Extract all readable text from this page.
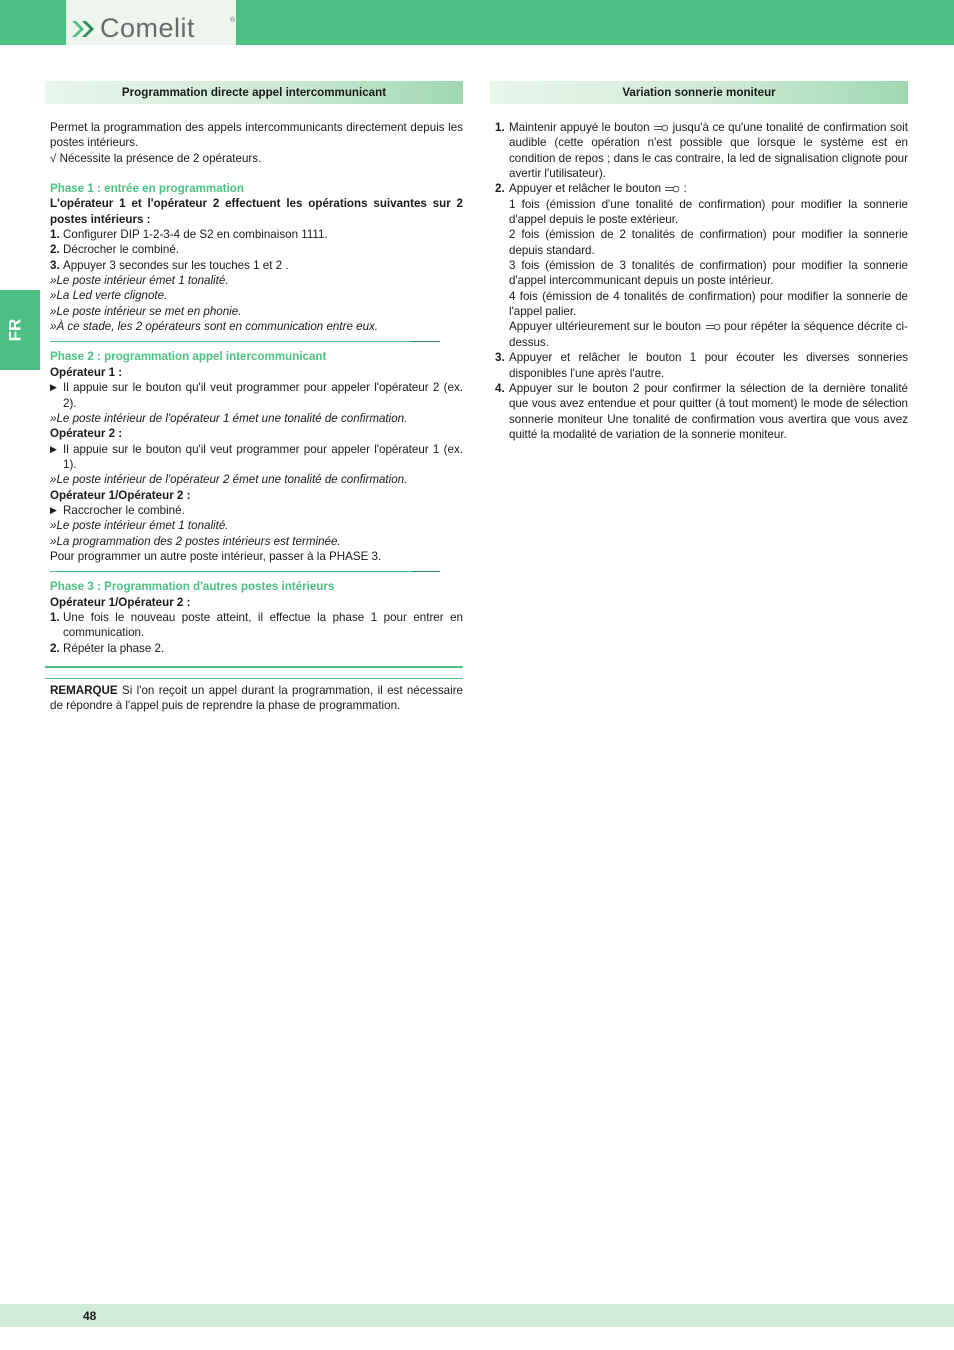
Comelit	®
FR
Programmation directe appel intercommunicant	Variation sonnerie moniteur

Permet la programmation des appels intercommunicants directement depuis les postes intérieurs.

√ Nécessite la présence de 2 opérateurs.

Phase 1 : entrée en programmation

L'opérateur 1 et l'opérateur 2 effectuent les opérations suivantes sur 2 postes intérieurs :

1. Configurer DIP 1-2-3-4 de S2 en combinaison 1111.
2. Décrocher le combiné.
3. Appuyer 3 secondes sur les touches 1 et 2 .

»Le poste intérieur émet 1 tonalité.

»La Led verte clignote.

»Le poste intérieur se met en phonie.

»À ce stade, les 2 opérateurs sont en communication entre eux.

Phase 2 : programmation appel intercommunicant

Opérateur 1 :

▶ Il appuie sur le bouton qu'il veut programmer pour appeler l'opérateur 2 (ex. 2).

»Le poste intérieur de l'opérateur 1 émet une tonalité de confirmation.

Opérateur 2 :

▶ Il appuie sur le bouton qu'il veut programmer pour appeler l'opérateur 1 (ex. 1).

»Le poste intérieur de l'opérateur 2 émet une tonalité de confirmation.

Opérateur 1/Opérateur 2 :

▶ Raccrocher le combiné.

»Le poste intérieur émet 1 tonalité.

»La programmation des 2 postes intérieurs est terminée.

Pour programmer un autre poste intérieur, passer à la PHASE 3.

Phase 3 : Programmation d'autres postes intérieurs

Opérateur 1/Opérateur 2 :

1. Une fois le nouveau poste atteint, il effectue la phase 1 pour entrer en communication.
2. Répéter la phase 2.

REMARQUE Si l'on reçoit un appel durant la programmation, il est nécessaire de répondre à l'appel puis de reprendre la phase de programmation.

1. Maintenir appuyé le bouton  jusqu'à ce qu'une tonalité de confirmation soit audible (cette opération n'est possible que lorsque le système est en condition de repos ; dans le cas contraire, la led de signalisation clignote pour avertir l'utilisateur).
2. Appuyer et relâcher le bouton  :

1 fois (émission d'une tonalité de confirmation) pour modifier la sonnerie d'appel depuis le poste extérieur.

2 fois (émission de 2 tonalités de confirmation) pour modifier la sonnerie depuis standard.

3 fois (émission de 3 tonalités de confirmation) pour modifier la sonnerie d'appel intercommunicant depuis un poste intérieur.

4 fois (émission de 4 tonalités de confirmation) pour modifier la sonnerie de l'appel palier.

Appuyer ultérieurement sur le bouton  pour répéter la séquence décrite ci-dessus.

3. Appuyer et relâcher le bouton 1 pour écouter les diverses sonneries disponibles l'une après l'autre.
4. Appuyer sur le bouton 2 pour confirmer la sélection de la dernière tonalité que vous avez entendue et pour quitter (à tout moment) le mode de sélection sonnerie moniteur Une tonalité de confirmation vous avertira que vous avez quitté la modalité de variation de la sonnerie moniteur.
48
